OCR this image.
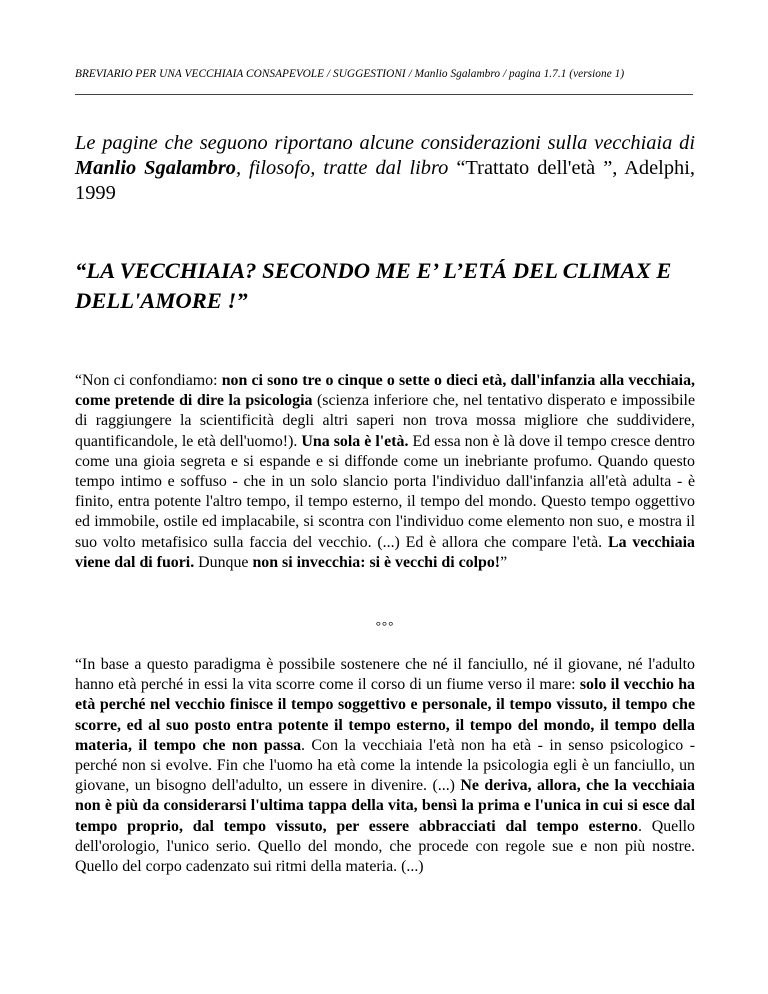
BREVIARIO PER UNA VECCHIAIA CONSAPEVOLE / SUGGESTIONI / Manlio Sgalambro / pagina 1.7.1 (versione 1)
Le pagine che seguono riportano alcune considerazioni sulla vecchiaia di Manlio Sgalambro, filosofo, tratte dal libro “Trattato dell'età ”, Adelphi, 1999
“LA VECCHIAIA? SECONDO ME E’ L’ETÁ DEL CLIMAX E DELL'AMORE !”

“Non ci confondiamo: non ci sono tre o cinque o sette o dieci età, dall'infanzia alla vecchiaia, come pretende di dire la psicologia (scienza inferiore che, nel tentativo disperato e impossibile di raggiungere la scientificità degli altri saperi non trova mossa migliore che suddividere, quantificandole, le età dell'uomo!). Una sola è l'età. Ed essa non è là dove il tempo cresce dentro come una gioia segreta e si espande e si diffonde come un inebriante profumo. Quando questo tempo intimo e soffuso - che in un solo slancio porta l'individuo dall'infanzia all'età adulta - è finito, entra potente l'altro tempo, il tempo esterno, il tempo del mondo. Questo tempo oggettivo ed immobile, ostile ed implacabile, si scontra con l'individuo come elemento non suo, e mostra il suo volto metafisico sulla faccia del vecchio. (...) Ed è allora che compare l'età. La vecchiaia viene dal di fuori. Dunque non si invecchia: si è vecchi di colpo!”

°°°

“In base a questo paradigma è possibile sostenere che né il fanciullo, né il giovane, né l'adulto hanno età perché in essi la vita scorre come il corso di un fiume verso il mare: solo il vecchio ha età perché nel vecchio finisce il tempo soggettivo e personale, il tempo vissuto, il tempo che scorre, ed al suo posto entra potente il tempo esterno, il tempo del mondo, il tempo della materia, il tempo che non passa. Con la vecchiaia l'età non ha età - in senso psicologico - perché non si evolve. Fin che l'uomo ha età come la intende la psicologia egli è un fanciullo, un giovane, un bisogno dell'adulto, un essere in divenire. (...) Ne deriva, allora, che la vecchiaia non è più da considerarsi l'ultima tappa della vita, bensì la prima e l'unica in cui si esce dal tempo proprio, dal tempo vissuto, per essere abbracciati dal tempo esterno. Quello dell'orologio, l'unico serio. Quello del mondo, che procede con regole sue e non più nostre. Quello del corpo cadenzato sui ritmi della materia. (...)
